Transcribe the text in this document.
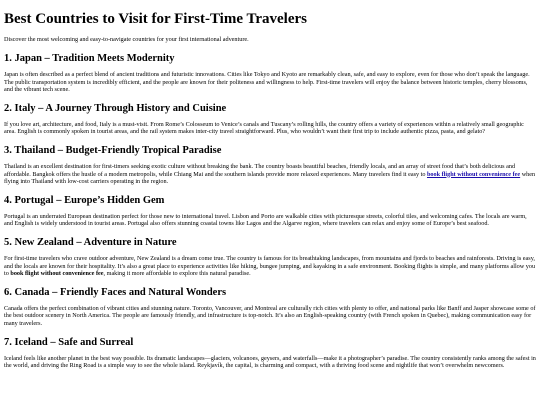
Best Countries to Visit for First-Time Travelers

Discover the most welcoming and easy-to-navigate countries for your first international adventure.

1. Japan – Tradition Meets Modernity

Japan is often described as a perfect blend of ancient traditions and futuristic innovations. Cities like Tokyo and Kyoto are remarkably clean, safe, and easy to explore, even for those who don’t speak the language. The public transportation system is incredibly efficient, and the people are known for their politeness and willingness to help. First-time travelers will enjoy the balance between historic temples, cherry blossoms, and the vibrant tech scene.

2. Italy – A Journey Through History and Cuisine

If you love art, architecture, and food, Italy is a must-visit. From Rome’s Colosseum to Venice’s canals and Tuscany’s rolling hills, the country offers a variety of experiences within a relatively small geographic area. English is commonly spoken in tourist areas, and the rail system makes inter-city travel straightforward. Plus, who wouldn’t want their first trip to include authentic pizza, pasta, and gelato?

3. Thailand – Budget-Friendly Tropical Paradise

Thailand is an excellent destination for first-timers seeking exotic culture without breaking the bank. The country boasts beautiful beaches, friendly locals, and an array of street food that’s both delicious and affordable. Bangkok offers the hustle of a modern metropolis, while Chiang Mai and the southern islands provide more relaxed experiences. Many travelers find it easy to book flight without convenience fee when flying into Thailand with low-cost carriers operating in the region.

4. Portugal – Europe’s Hidden Gem

Portugal is an underrated European destination perfect for those new to international travel. Lisbon and Porto are walkable cities with picturesque streets, colorful tiles, and welcoming cafes. The locals are warm, and English is widely understood in tourist areas. Portugal also offers stunning coastal towns like Lagos and the Algarve region, where travelers can relax and enjoy some of Europe’s best seafood.

5. New Zealand – Adventure in Nature

For first-time travelers who crave outdoor adventure, New Zealand is a dream come true. The country is famous for its breathtaking landscapes, from mountains and fjords to beaches and rainforests. Driving is easy, and the locals are known for their hospitality. It’s also a great place to experience activities like hiking, bungee jumping, and kayaking in a safe environment. Booking flights is simple, and many platforms allow you to book flight without convenience fee, making it more affordable to explore this natural paradise.

6. Canada – Friendly Faces and Natural Wonders

Canada offers the perfect combination of vibrant cities and stunning nature. Toronto, Vancouver, and Montreal are culturally rich cities with plenty to offer, and national parks like Banff and Jasper showcase some of the best outdoor scenery in North America. The people are famously friendly, and infrastructure is top-notch. It’s also an English-speaking country (with French spoken in Quebec), making communication easy for many travelers.

7. Iceland – Safe and Surreal

Iceland feels like another planet in the best way possible. Its dramatic landscapes—glaciers, volcanoes, geysers, and waterfalls—make it a photographer’s paradise. The country consistently ranks among the safest in the world, and driving the Ring Road is a simple way to see the whole island. Reykjavík, the capital, is charming and compact, with a thriving food scene and nightlife that won’t overwhelm newcomers.
